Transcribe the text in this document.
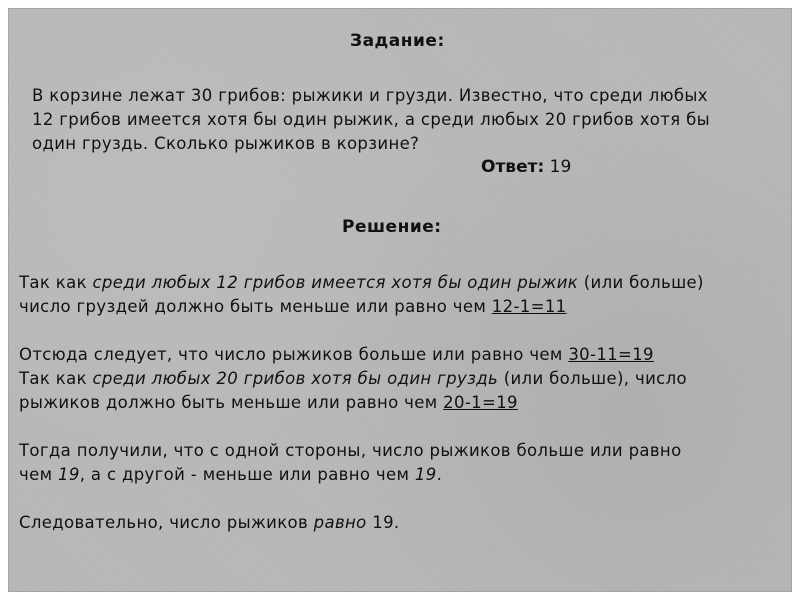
Задание:
В корзине лежат 30 грибов: рыжики и грузди. Известно, что среди любых
12 грибов имеется хотя бы один рыжик, а среди любых 20 грибов хотя бы
один груздь. Сколько рыжиков в корзине?
Ответ: 19
Решение:
Так как среди любых 12 грибов имеется хотя бы один рыжик (или больше)
число груздей должно быть меньше или равно чем 12-1=11
Отсюда следует, что число рыжиков больше или равно чем 30-11=19
Так как среди любых 20 грибов хотя бы один груздь (или больше), число
рыжиков должно быть меньше или равно чем 20-1=19
Тогда получили, что с одной стороны, число рыжиков больше или равно
чем 19, а с другой - меньше или равно чем 19.
Следовательно, число рыжиков равно 19.
